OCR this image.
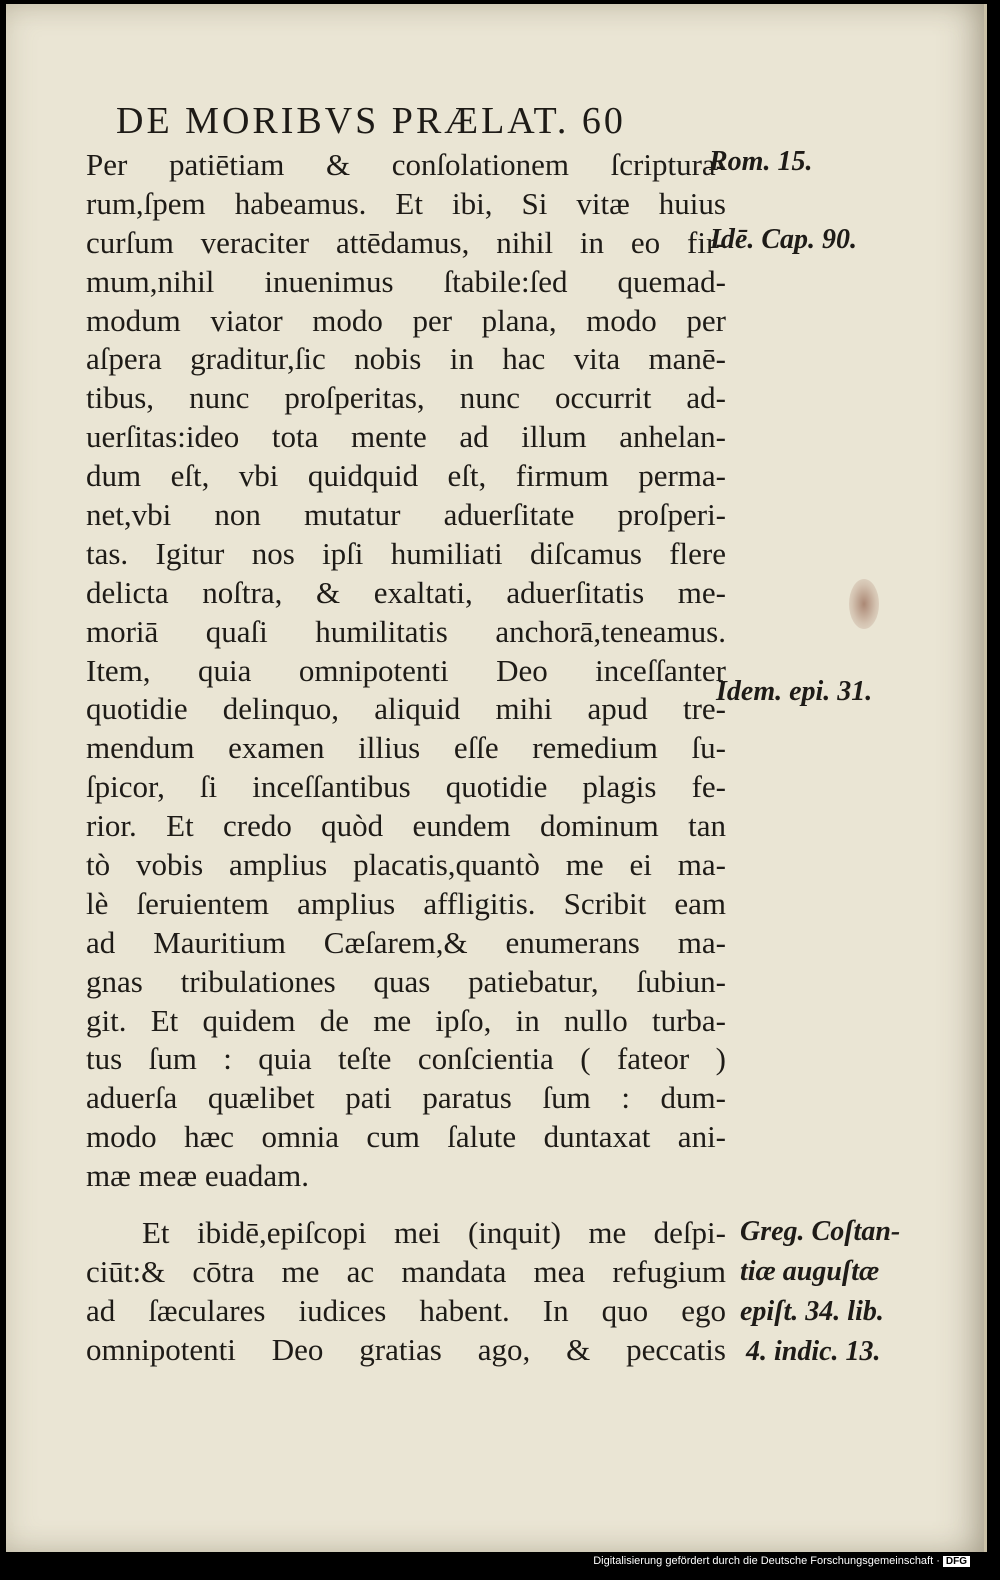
DE MORIBVS PRÆLAT. 60
Per patiētiam & conſolationem ſcriptura-
rum,ſpem habeamus. Et ibi, Si vitæ huius
curſum veraciter attēdamus, nihil in eo fir-
mum,nihil inuenimus ſtabile:ſed quemad-
modum viator modo per plana, modo per
aſpera graditur,ſic nobis in hac vita manē-
tibus, nunc proſperitas, nunc occurrit ad-
uerſitas:ideo tota mente ad illum anhelan-
dum eſt, vbi quidquid eſt, firmum perma-
net,vbi non mutatur aduerſitate proſperi-
tas. Igitur nos ipſi humiliati diſcamus flere
delicta noſtra, & exaltati, aduerſitatis me-
moriā quaſi humilitatis anchorā,teneamus.
Item, quia omnipotenti Deo inceſſanter
quotidie delinquo, aliquid mihi apud tre-
mendum examen illius eſſe remedium ſu-
ſpicor, ſi inceſſantibus quotidie plagis fe-
rior. Et credo quòd eundem dominum tan
tò vobis amplius placatis,quantò me ei ma-
lè ſeruientem amplius affligitis. Scribit eam
ad Mauritium Cæſarem,& enumerans ma-
gnas tribulationes quas patiebatur, ſubiun-
git. Et quidem de me ipſo, in nullo turba-
tus ſum : quia teſte conſcientia ( fateor )
aduerſa quælibet pati paratus ſum : dum-
modo hæc omnia cum ſalute duntaxat ani-
mæ meæ euadam.
Et ibidē,epiſcopi mei (inquit) me deſpi-
ciūt:& cōtra me ac mandata mea refugium
ad ſæculares iudices habent. In quo ego
omnipotenti Deo gratias ago, & peccatis
Rom. 15.
Idē. Cap. 90.
Idem. epi. 31.
Greg. Coſtan-
tiæ auguſtæ
epiſt. 34. lib.
4. indic. 13.
Digitalisierung gefördert durch die Deutsche Forschungsgemeinschaft · DFG
